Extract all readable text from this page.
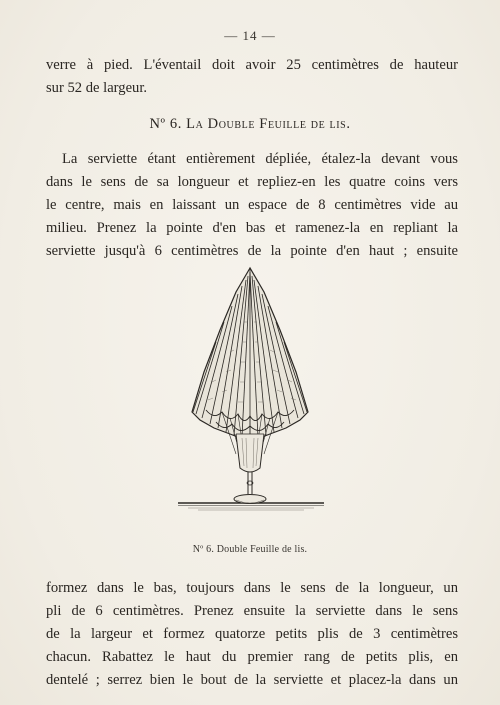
— 14 —
verre à pied. L'éventail doit avoir 25 centimètres de hauteur
sur 52 de largeur.
Nº 6. La Double Feuille de lis.
La serviette étant entièrement dépliée, étalez-la devant vous
dans le sens de sa longueur et repliez-en les quatre coins vers
le centre, mais en laissant un espace de 8 centimètres vide au
milieu. Prenez la pointe d'en bas et ramenez-la en repliant la
serviette jusqu'à 6 centimètres de la pointe d'en haut ; ensuite
Nº 6. Double Feuille de lis.
formez dans le bas, toujours dans le sens de la longueur, un
pli de 6 centimètres. Prenez ensuite la serviette dans le sens
de la largeur et formez quatorze petits plis de 3 centimètres
chacun. Rabattez le haut du premier rang de petits plis, en
dentelé ; serrez bien le bout de la serviette et placez-la dans un
